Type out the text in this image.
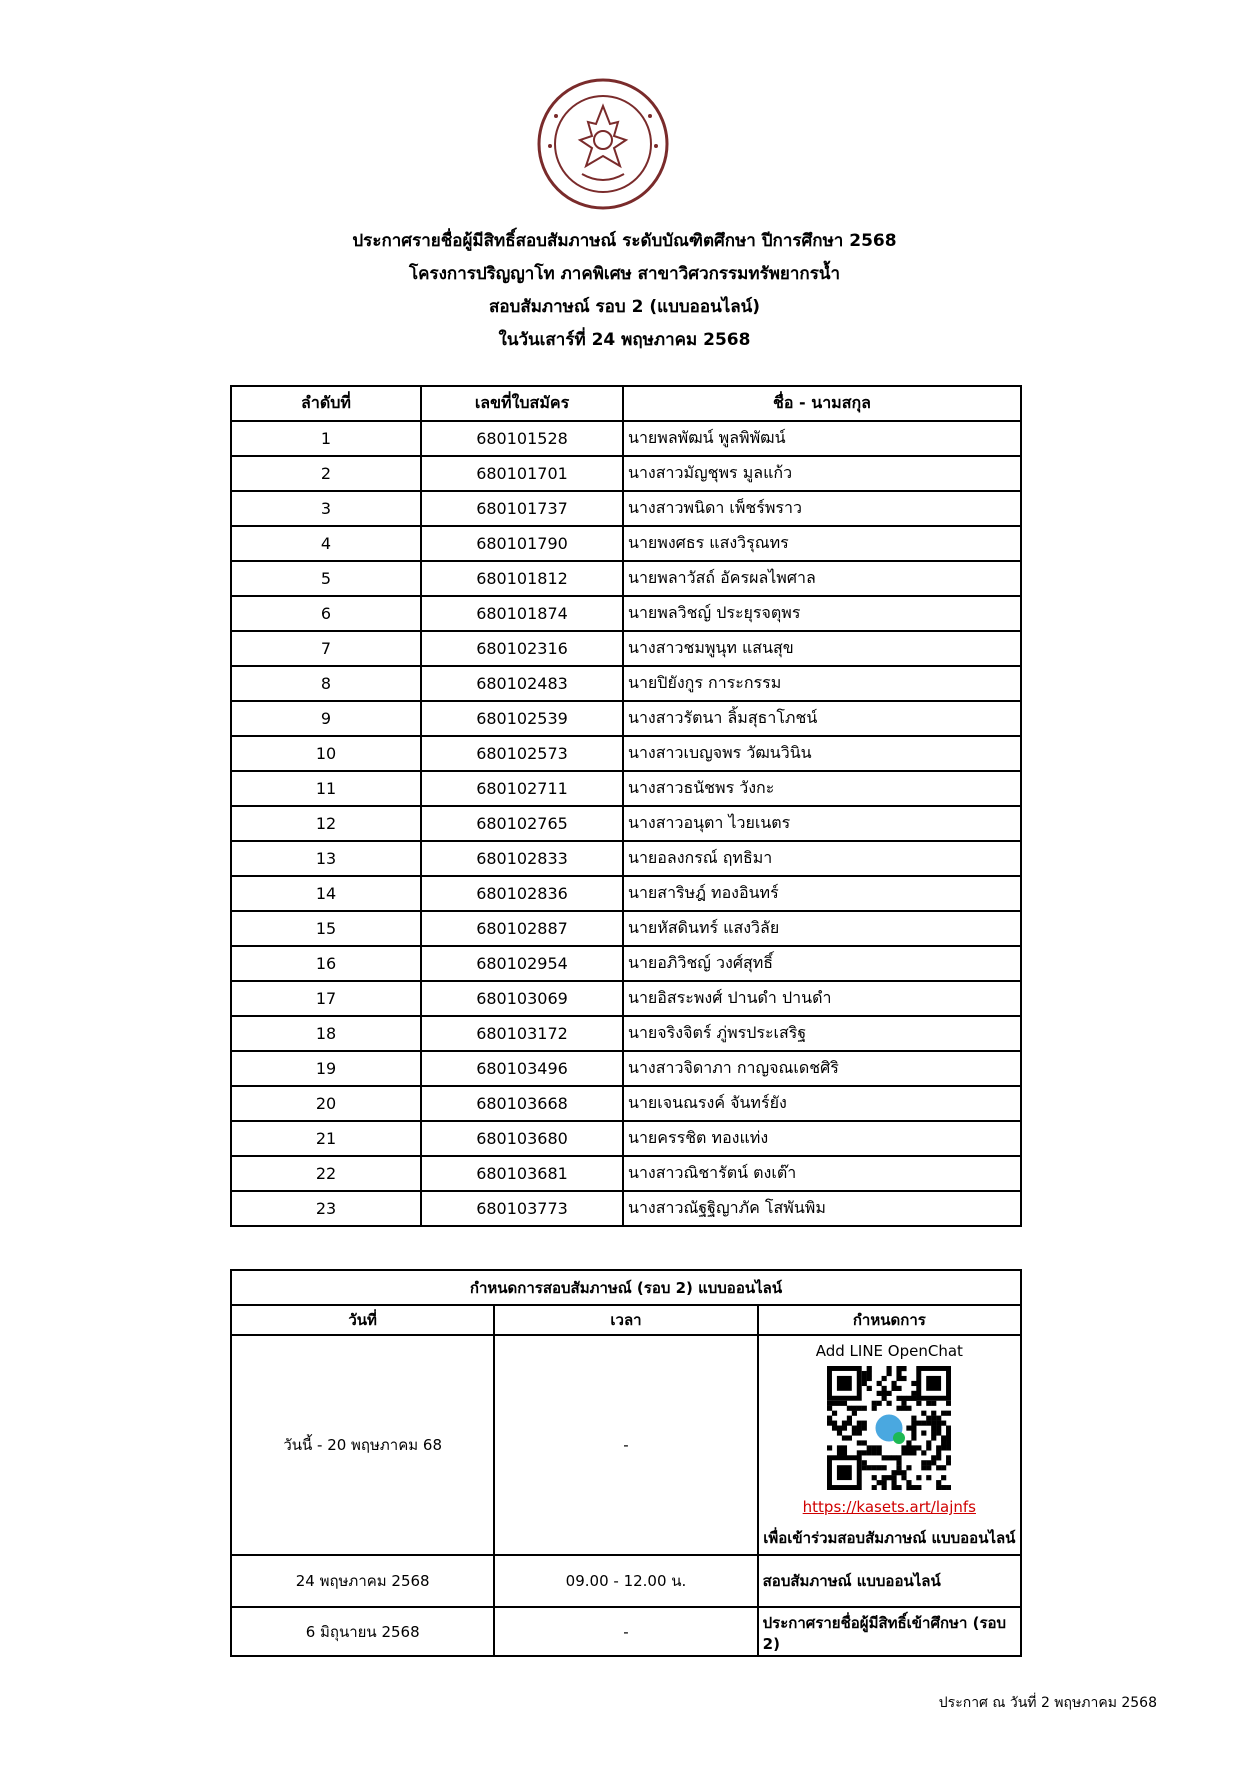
ประกาศรายชื่อผู้มีสิทธิ์สอบสัมภาษณ์ ระดับบัณฑิตศึกษา ปีการศึกษา 2568
โครงการปริญญาโท ภาคพิเศษ สาขาวิศวกรรมทรัพยากรน้ำ
สอบสัมภาษณ์ รอบ 2 (แบบออนไลน์)
ในวันเสาร์ที่ 24 พฤษภาคม 2568
ลำดับที่	เลขที่ใบสมัคร	ชื่อ - นามสกุล
1	680101528	นายพลพัฒน์ พูลพิพัฒน์
2	680101701	นางสาวมัญชุพร มูลแก้ว
3	680101737	นางสาวพนิดา เพ็ชร์พราว
4	680101790	นายพงศธร แสงวิรุณทร
5	680101812	นายพลาวัสถ์ อัครผลไพศาล
6	680101874	นายพลวิชญ์ ประยุรจตุพร
7	680102316	นางสาวชมพูนุท แสนสุข
8	680102483	นายปิยังกูร การะกรรม
9	680102539	นางสาวรัตนา ลิ้มสุธาโภชน์
10	680102573	นางสาวเบญจพร วัฒนวินิน
11	680102711	นางสาวธนัชพร วังกะ
12	680102765	นางสาวอนุตา ไวยเนตร
13	680102833	นายอลงกรณ์ ฤทธิมา
14	680102836	นายสาริษฎ์ ทองอินทร์
15	680102887	นายหัสดินทร์ แสงวิลัย
16	680102954	นายอภิวิชญ์ วงศ์สุทธิ์
17	680103069	นายอิสระพงศ์ ปานดำ ปานดำ
18	680103172	นายจริงจิตร์ ภู่พรประเสริฐ
19	680103496	นางสาวจิดาภา กาญจณเดชศิริ
20	680103668	นายเจนณรงค์ จันทร์ยัง
21	680103680	นายครรชิต ทองแท่ง
22	680103681	นางสาวณิชารัตน์ ตงเต๊า
23	680103773	นางสาวณัฐฐิญาภัค โสพันพิม
กำหนดการสอบสัมภาษณ์ (รอบ 2) แบบออนไลน์		
วันที่	เวลา	กำหนดการ
วันนี้ - 20 พฤษภาคม 68	-	Add LINE OpenChat
https://kasets.art/lajnfs
เพื่อเข้าร่วมสอบสัมภาษณ์ แบบออนไลน์

24 พฤษภาคม 2568	09.00 - 12.00 น.	สอบสัมภาษณ์ แบบออนไลน์
6 มิถุนายน 2568	-	ประกาศรายชื่อผู้มีสิทธิ์เข้าศึกษา (รอบ 2)
ประกาศ ณ วันที่ 2 พฤษภาคม 2568
